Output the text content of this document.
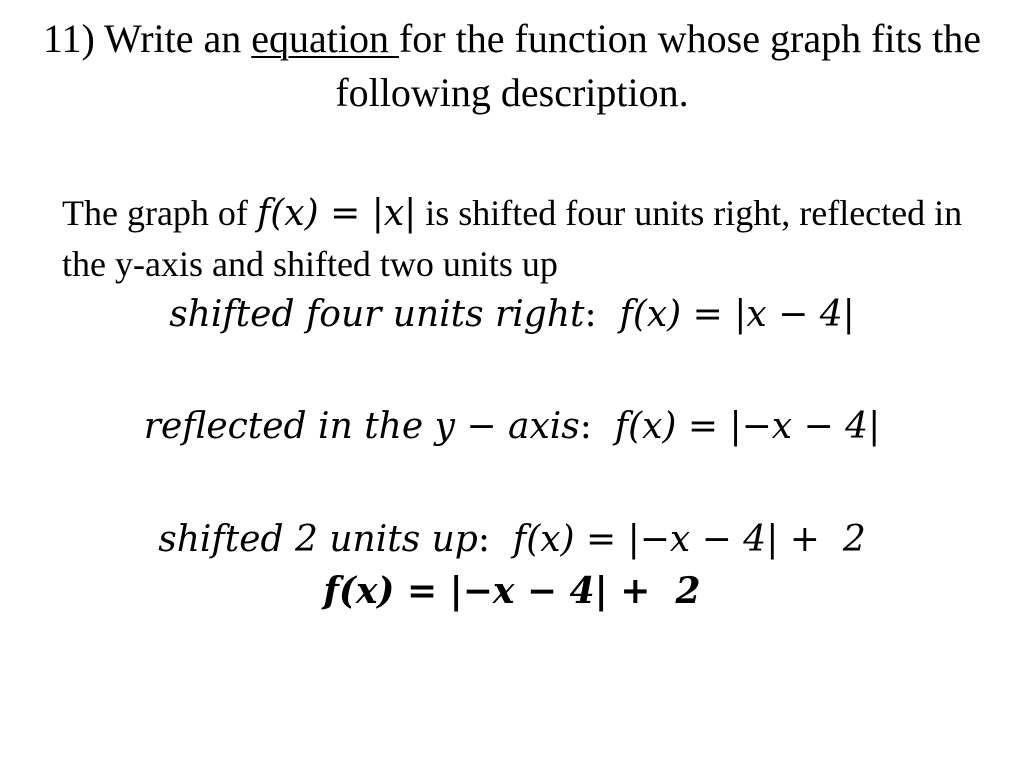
11) Write an equation for the function whose graph fits the following description.
The graph of f(x) = |x| is shifted four units right, reflected in the y-axis and shifted two units up
shifted four units right:  f(x) = |x − 4|
reflected in the y − axis:  f(x) = |−x − 4|
shifted 2 units up:  f(x) = |−x − 4| +  2
f(x) = |−x − 4| +  2
